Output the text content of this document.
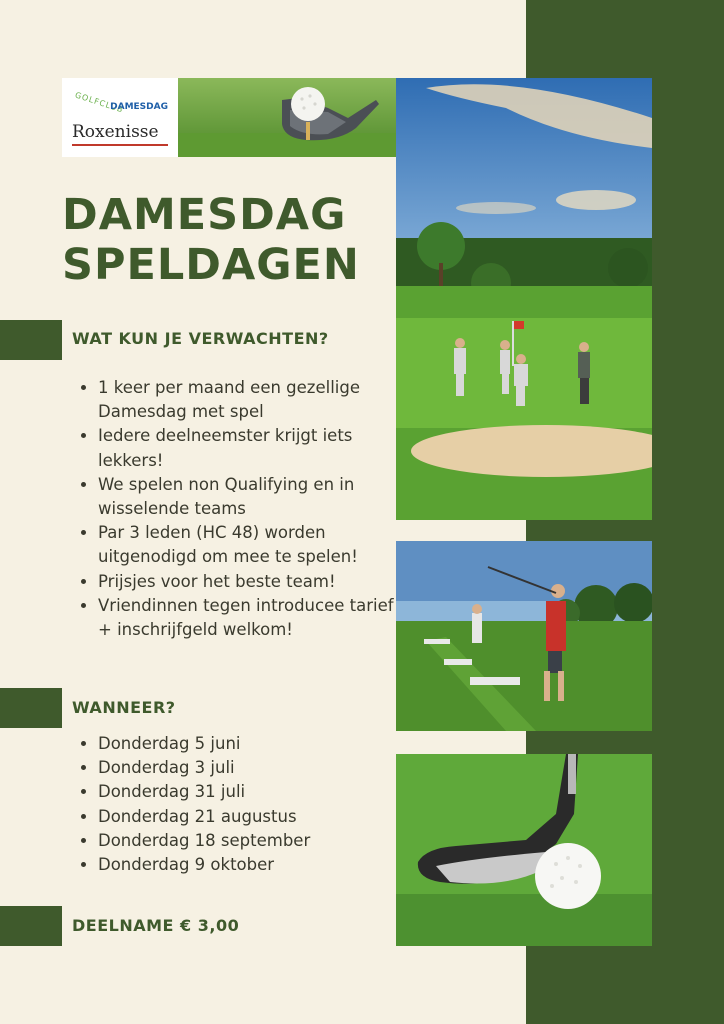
GOLFCLUB
DAMESDAG
Roxenisse
DAMESDAG
SPELDAGEN
WAT KUN JE VERWACHTEN?
• 1 keer per maand een gezellige Damesdag met spel
• Iedere deelneemster krijgt iets lekkers!
• We spelen non Qualifying en in wisselende teams
• Par 3 leden (HC 48) worden uitgenodigd om mee te spelen!
• Prijsjes voor het beste team!
• Vriendinnen tegen introducee tarief + inschrijfgeld welkom!
WANNEER?
• Donderdag 5 juni
• Donderdag 3 juli
• Donderdag 31 juli
• Donderdag 21 augustus
• Donderdag 18 september
• Donderdag 9 oktober
DEELNAME € 3,00
